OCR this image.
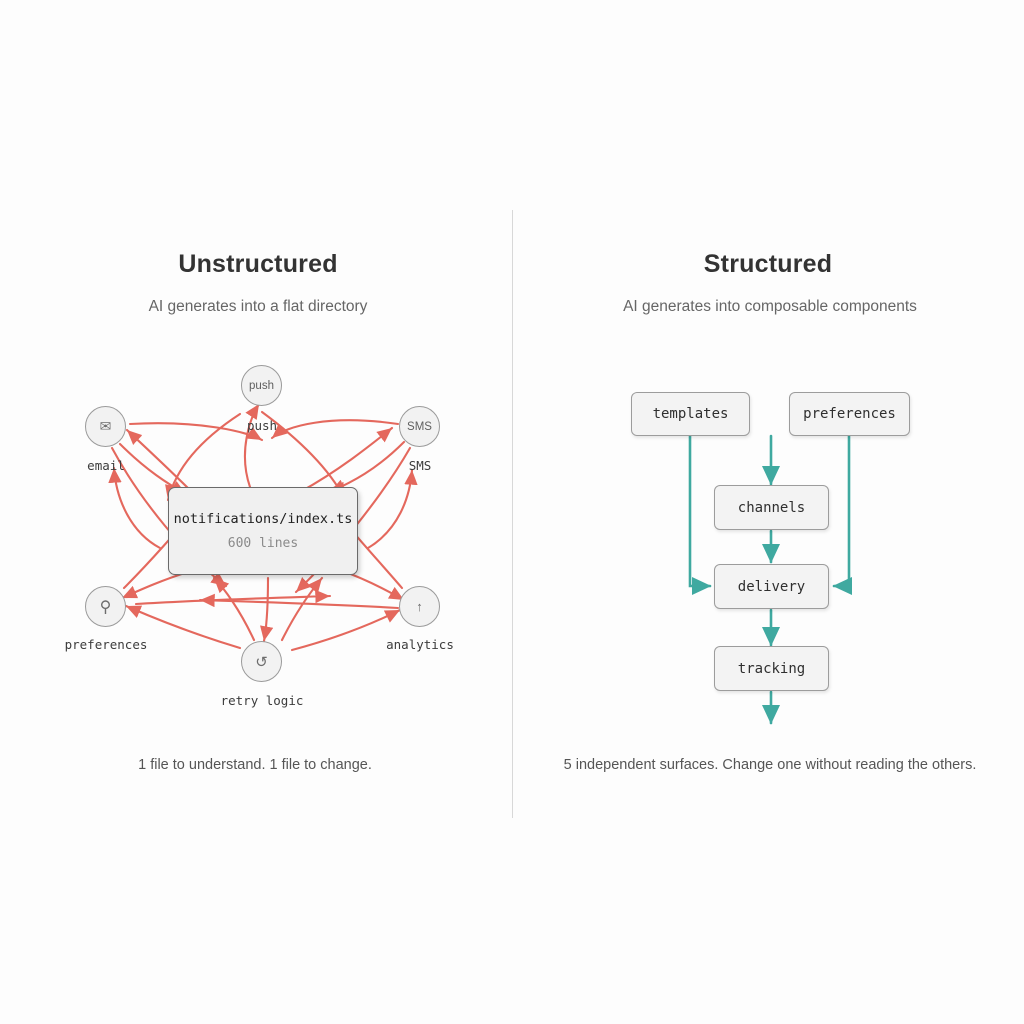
Unstructured
AI generates into a flat directory
notifications/index.ts
600 lines
push
push	SMS
SMS
✉
email
⚲
preferences
↑
analytics
↺
retry logic
1 file to understand. 1 file to change.
Structured
AI generates into composable components
templates	preferences
channels
delivery
tracking
5 independent surfaces. Change one without reading the others.
